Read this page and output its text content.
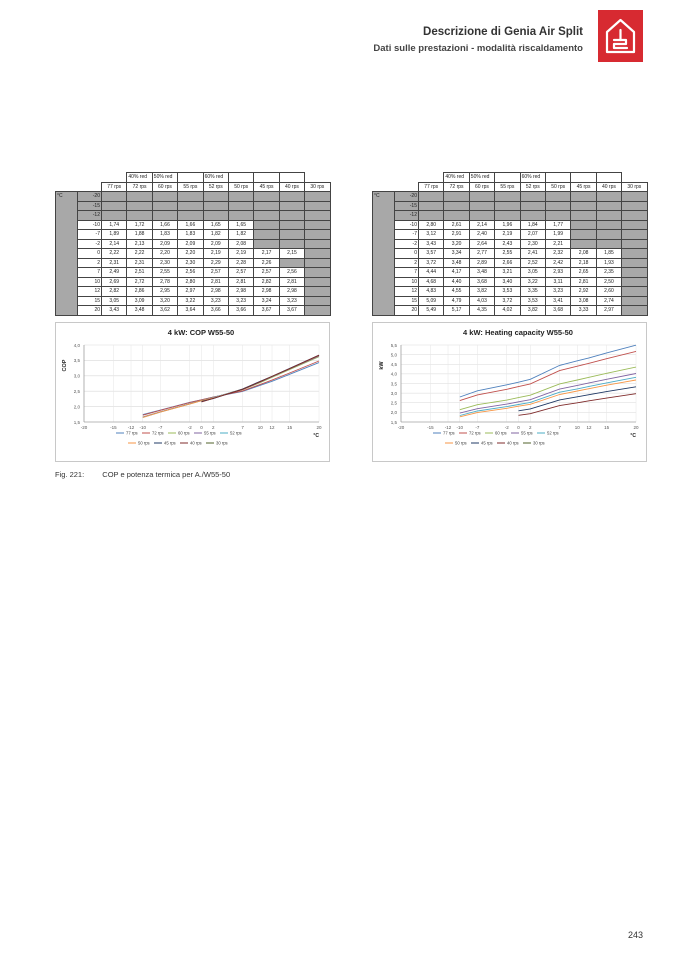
Descrizione di Genia Air Split
Dati sulle prestazioni - modalità riscaldamento
			40% red	50% red		60% red				
		77 rps	72 rps	60 rps	55 rps	52 rps	50 rps	45 rps	40 rps	30 rps
°C	-20									
	-15									
	-12									
	-10	1,74	1,72	1,66	1,66	1,65	1,65			
	-7	1,89	1,88	1,83	1,83	1,82	1,82			
	-2	2,14	2,13	2,09	2,09	2,09	2,08			
	0	2,22	2,22	2,20	2,20	2,19	2,19	2,17	2,15	
	2	2,31	2,31	2,30	2,30	2,29	2,28	2,26		
	7	2,49	2,51	2,55	2,56	2,57	2,57	2,57	2,56	
	10	2,69	2,72	2,78	2,80	2,81	2,81	2,82	2,81	
	12	2,82	2,86	2,95	2,97	2,98	2,98	2,98	2,98	
	15	3,05	3,09	3,20	3,22	3,23	3,23	3,24	3,23	
	20	3,43	3,48	3,62	3,64	3,66	3,66	3,67	3,67	
4 kW: COP W55-50
COP
1,5
2,0
2,5
3,0
3,5
4,0
-20	-15 -12 -10	-7	-2 0 2	7	10 12	15	20
°C
77 rps	72 rps	60 rps	55 rps	52 rps
50 rps	45 rps	40 rps	30 rps
			40% red	50% red		60% red				
		77 rps	72 rps	60 rps	55 rps	52 rps	50 rps	45 rps	40 rps	30 rps
°C	-20									
	-15									
	-12									
	-10	2,80	2,61	2,14	1,96	1,84	1,77			
	-7	3,12	2,91	2,40	2,19	2,07	1,99			
	-2	3,43	3,20	2,64	2,43	2,30	2,21			
	0	3,57	3,34	2,77	2,55	2,41	2,32	2,08	1,85	
	2	3,72	3,48	2,89	2,66	2,52	2,42	2,18	1,93	
	7	4,44	4,17	3,48	3,21	3,05	2,93	2,65	2,35	
	10	4,68	4,40	3,68	3,40	3,22	3,11	2,81	2,50	
	12	4,83	4,55	3,82	3,53	3,35	3,23	2,92	2,60	
	15	5,09	4,79	4,03	3,72	3,53	3,41	3,08	2,74	
	20	5,49	5,17	4,35	4,02	3,82	3,68	3,33	2,97	
4 kW: Heating capacity W55-50
kW
1,5
2,0
2,5
3,0
3,5
4,0
4,5
5,0
5,5
-20	-15 -12 -10	-7	-2 0 2	7	10 12	15	20
°C
77 rps	72 rps	60 rps	55 rps	52 rps
50 rps	45 rps	40 rps	30 rps
Fig. 221: COP e potenza termica per A./W55-50
243
